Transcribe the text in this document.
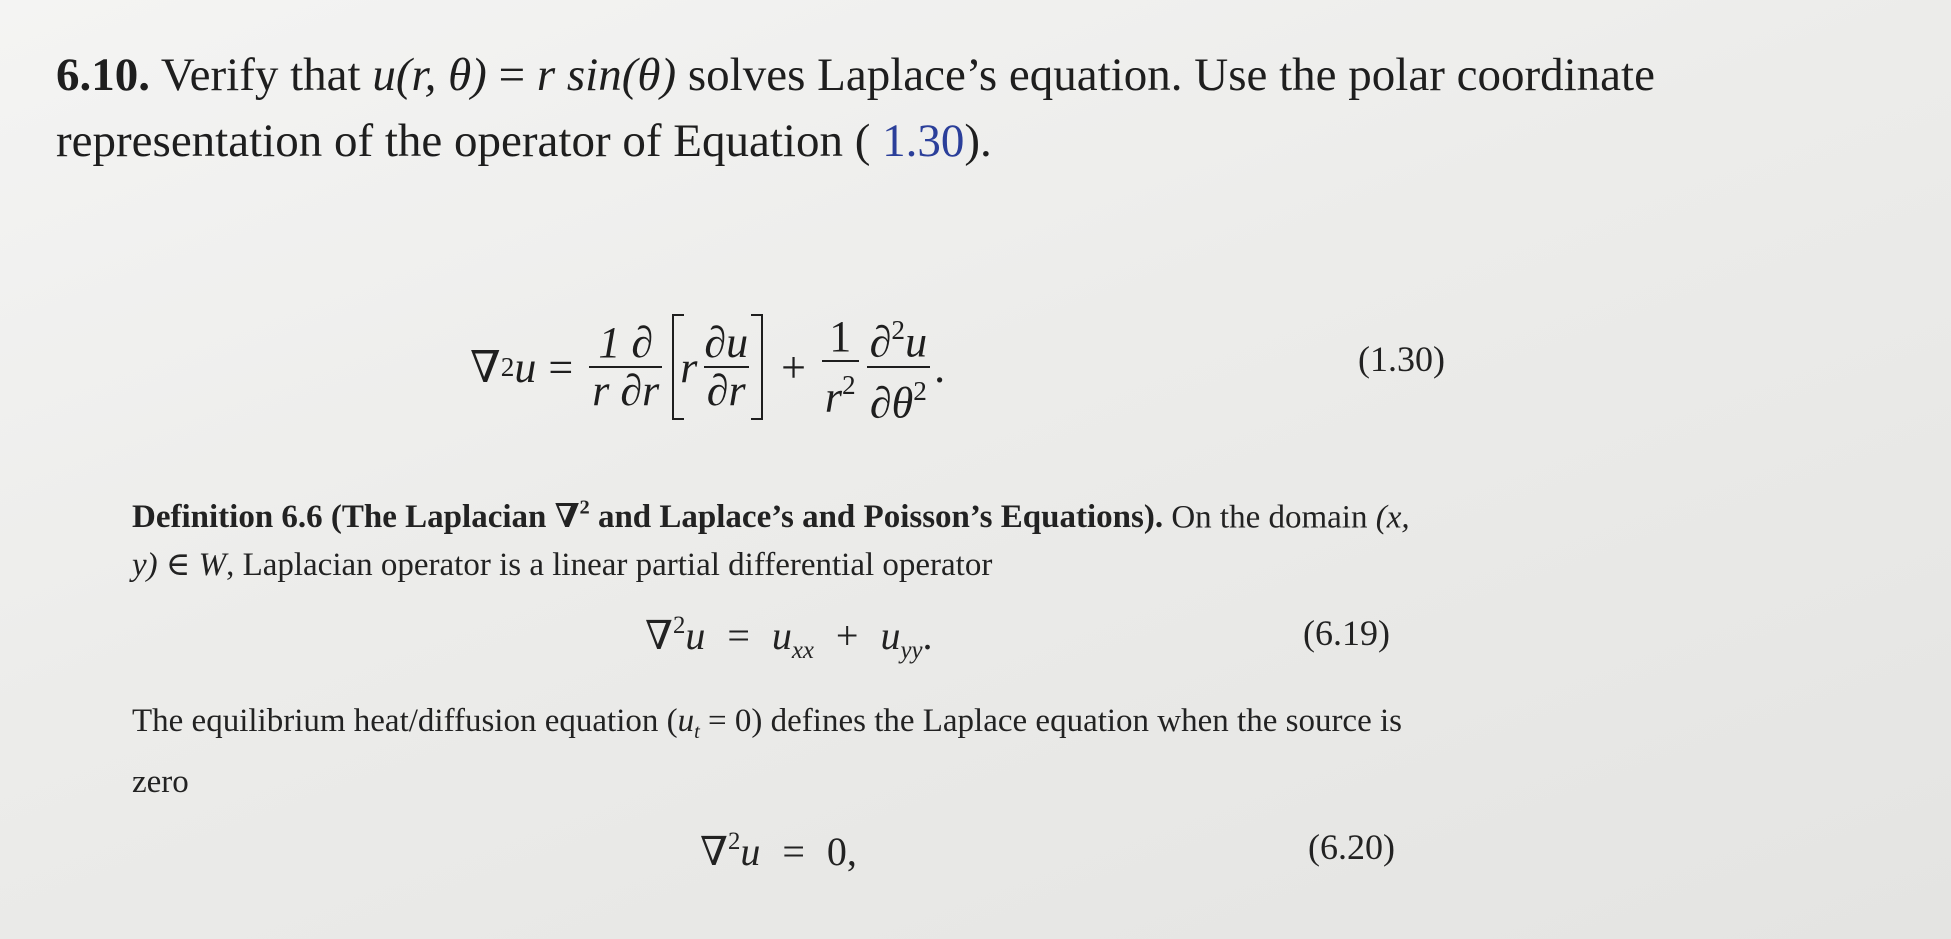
6.10. Verify that u(r, θ) = r sin(θ) solves Laplace’s equation. Use the polar coordinate
representation of the operator of Equation ( 1.30).
∇ 2 $u = \frac{1 \partial}{r \partial r}$ r $\frac{\partial u}{\partial r} + \frac{1}{r^2} \frac{\partial^2u}{\partial\theta^2}$ .	(1.30)
Definition 6.6 (The Laplacian ∇$^2$ and Laplace’s and Poisson’s Equations). On the domain (x, y) ∈ W, Laplacian operator is a linear partial differential operator
$\nabla^2u = u_{xx} + u_{yy}$.	(6.19)
The equilibrium heat/diffusion equation $(u_t = 0)$ defines the Laplace equation when the source is zero
∇$^2$u = 0,	(6.20)
